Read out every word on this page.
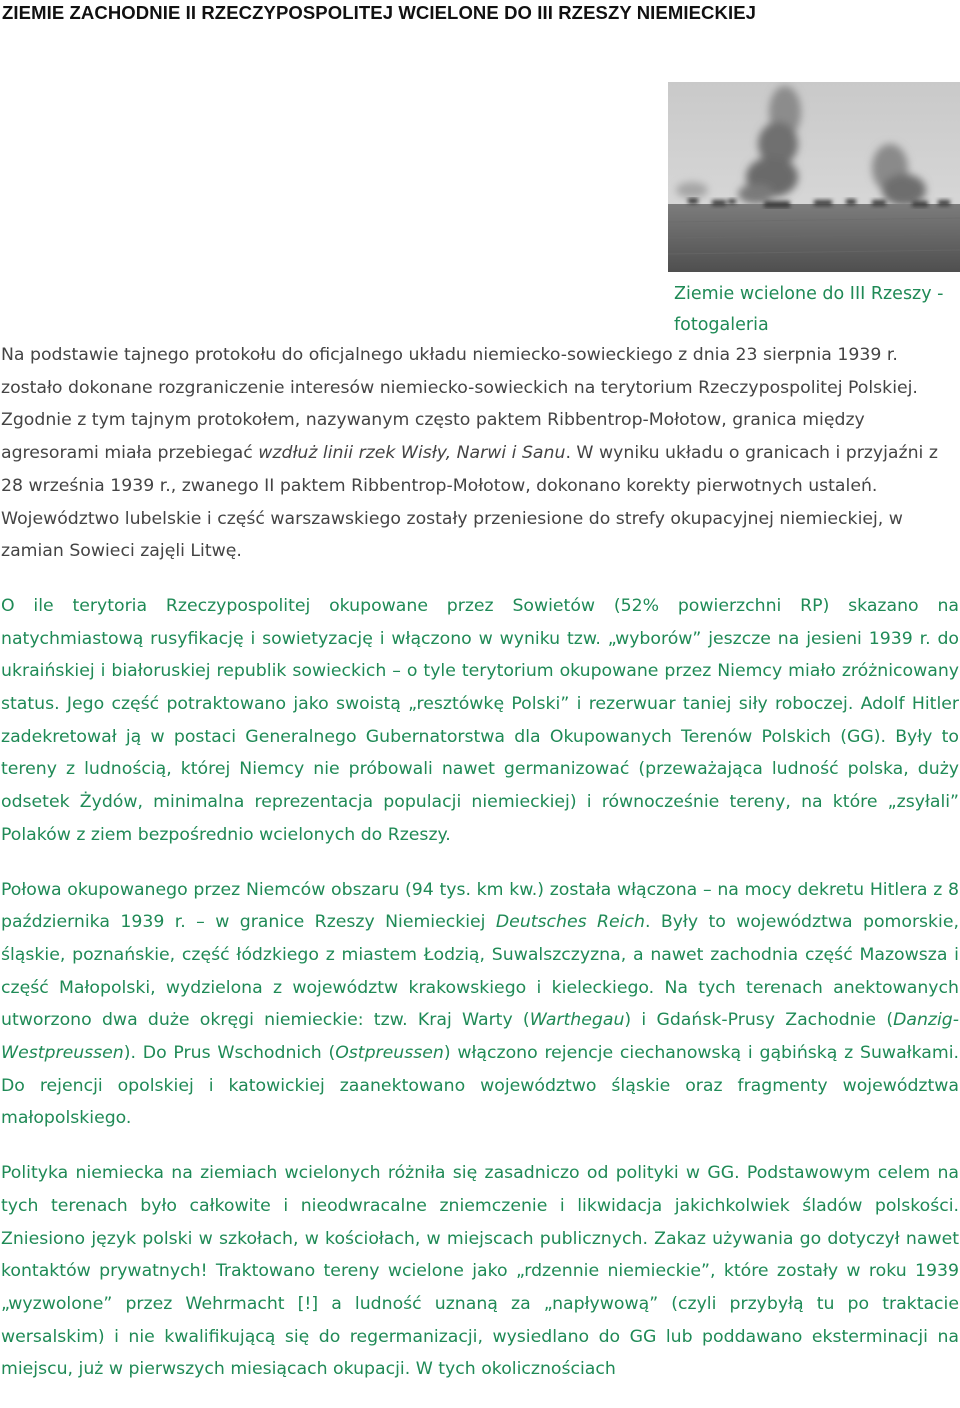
ZIEMIE ZACHODNIE II RZECZYPOSPOLITEJ WCIELONE DO III RZESZY NIEMIECKIEJ
Ziemie wcielone do III Rzeszy - fotogaleria

Na podstawie tajnego protokołu do oficjalnego układu niemiecko-sowieckiego z dnia 23 sierpnia 1939 r. zostało dokonane rozgraniczenie interesów niemiecko-sowieckich na terytorium Rzeczypospolitej Polskiej. Zgodnie z tym tajnym protokołem, nazywanym często paktem Ribbentrop-Mołotow, granica między agresorami miała przebiegać wzdłuż linii rzek Wisły, Narwi i Sanu. W wyniku układu o granicach i przyjaźni z 28 września 1939 r., zwanego II paktem Ribbentrop-Mołotow, dokonano korekty pierwotnych ustaleń. Województwo lubelskie i część warszawskiego zostały przeniesione do strefy okupacyjnej niemieckiej, w zamian Sowieci zajęli Litwę.

O ile terytoria Rzeczypospolitej okupowane przez Sowietów (52% powierzchni RP) skazano na natychmiastową rusyfikację i sowietyzację i włączono w wyniku tzw. „wyborów” jeszcze na jesieni 1939 r. do ukraińskiej i białoruskiej republik sowieckich – o tyle terytorium okupowane przez Niemcy miało zróżnicowany status. Jego część potraktowano jako swoistą „resztówkę Polski” i rezerwuar taniej siły roboczej. Adolf Hitler zadekretował ją w postaci Generalnego Gubernatorstwa dla Okupowanych Terenów Polskich (GG). Były to tereny z ludnością, której Niemcy nie próbowali nawet germanizować (przeważająca ludność polska, duży odsetek Żydów, minimalna reprezentacja populacji niemieckiej) i równocześnie tereny, na które „zsyłali” Polaków z ziem bezpośrednio wcielonych do Rzeszy.

Połowa okupowanego przez Niemców obszaru (94 tys. km kw.) została włączona – na mocy dekretu Hitlera z 8 października 1939 r. – w granice Rzeszy Niemieckiej Deutsches Reich. Były to województwa pomorskie, śląskie, poznańskie, część łódzkiego z miastem Łodzią, Suwalszczyzna, a nawet zachodnia część Mazowsza i część Małopolski, wydzielona z województw krakowskiego i kieleckiego. Na tych terenach anektowanych utworzono dwa duże okręgi niemieckie: tzw. Kraj Warty (Warthegau) i Gdańsk-Prusy Zachodnie (Danzig-Westpreussen). Do Prus Wschodnich (Ostpreussen) włączono rejencje ciechanowską i gąbińską z Suwałkami. Do rejencji opolskiej i katowickiej zaanektowano województwo śląskie oraz fragmenty województwa małopolskiego.

Polityka niemiecka na ziemiach wcielonych różniła się zasadniczo od polityki w GG. Podstawowym celem na tych terenach było całkowite i nieodwracalne zniemczenie i likwidacja jakichkolwiek śladów polskości. Zniesiono język polski w szkołach, w kościołach, w miejscach publicznych. Zakaz używania go dotyczył nawet kontaktów prywatnych! Traktowano tereny wcielone jako „rdzennie niemieckie”, które zostały w roku 1939 „wyzwolone” przez Wehrmacht [!] a ludność uznaną za „napływową” (czyli przybyłą tu po traktacie wersalskim) i nie kwalifikującą się do regermanizacji, wysiedlano do GG lub poddawano eksterminacji na miejscu, już w pierwszych miesiącach okupacji. W tych okolicznościach
